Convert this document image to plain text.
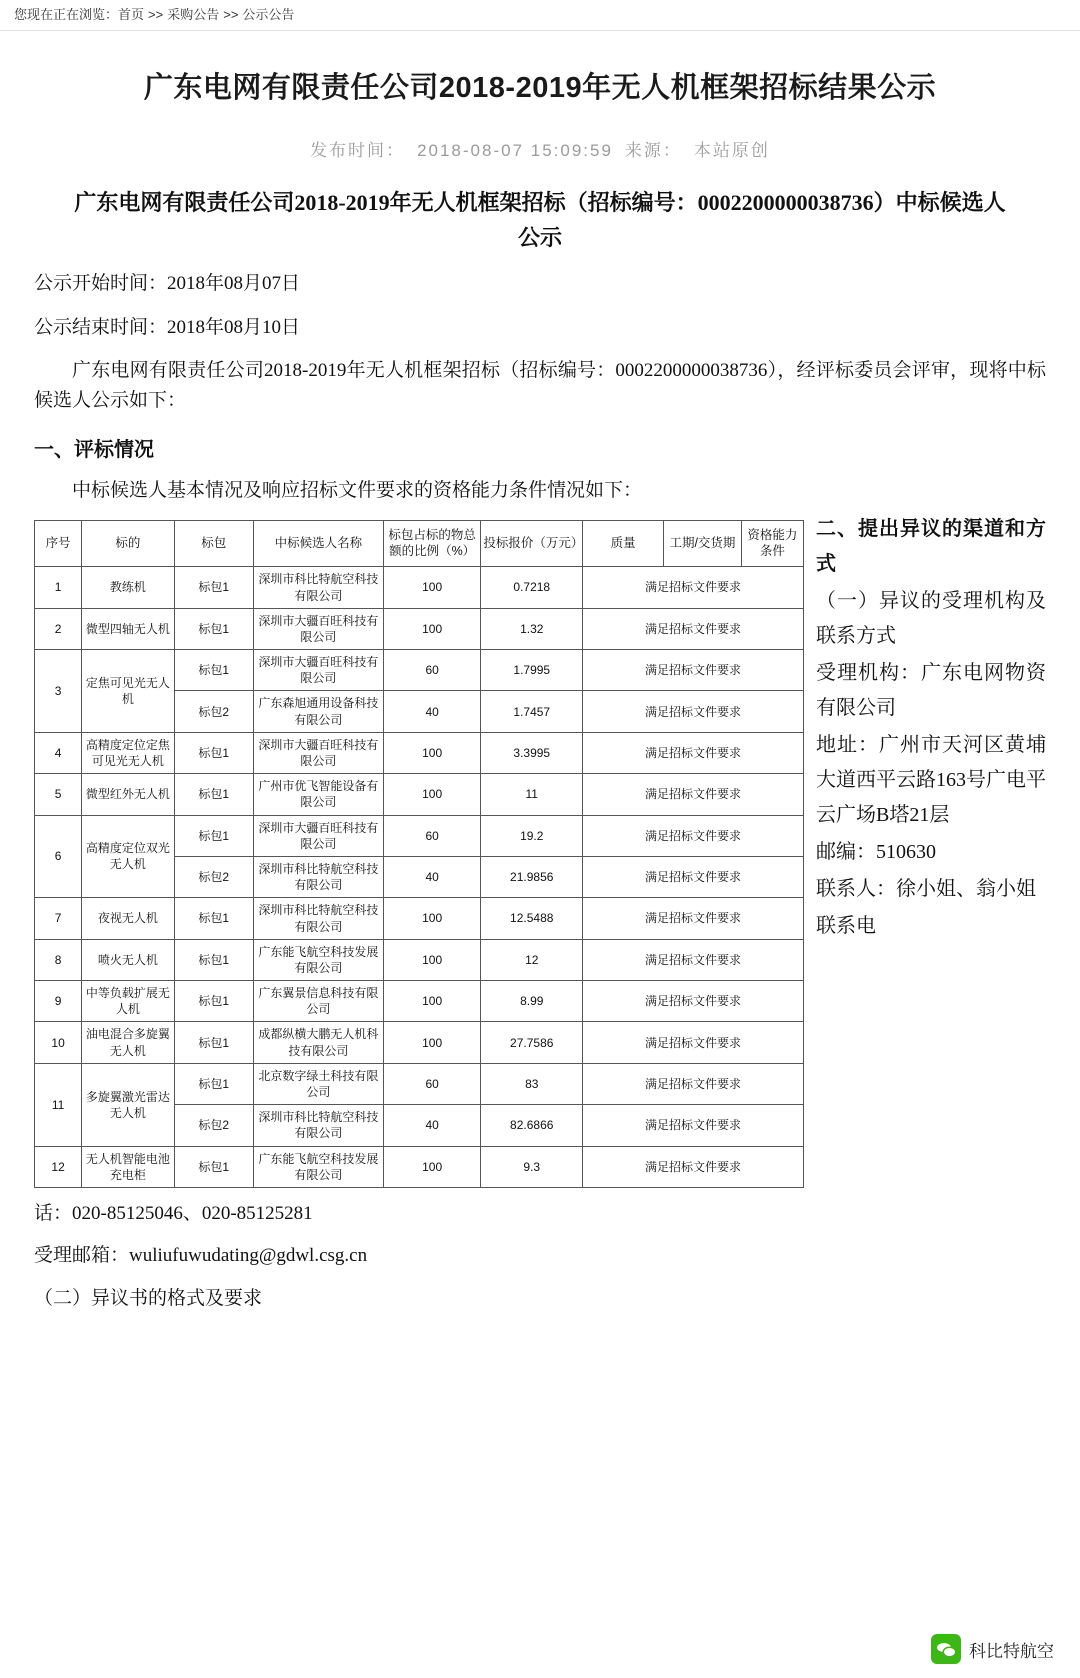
您现在正在浏览：首页 >> 采购公告 >> 公示公告
广东电网有限责任公司2018-2019年无人机框架招标结果公示
发布时间： 2018-08-07 15:09:59 来源： 本站原创
广东电网有限责任公司2018-2019年无人机框架招标（招标编号：0002200000038736）中标候选人公示

公示开始时间：2018年08月07日

公示结束时间：2018年08月10日

广东电网有限责任公司2018-2019年无人机框架招标（招标编号：0002200000038736），经评标委员会评审，现将中标候选人公示如下：

一、评标情况

中标候选人基本情况及响应招标文件要求的资格能力条件情况如下：

序号	标的	标包	中标候选人名称	标包占标的物总额的比例（%）	投标报价（万元）	质量	工期/交货期	资格能力条件
1	教练机	标包1	深圳市科比特航空科技有限公司	100	0.7218	满足招标文件要求		
2	微型四轴无人机	标包1	深圳市大疆百旺科技有限公司	100	1.32	满足招标文件要求		
3	定焦可见光无人机	标包1	深圳市大疆百旺科技有限公司	60	1.7995	满足招标文件要求		
		标包2	广东森旭通用设备科技有限公司	40	1.7457	满足招标文件要求		
4	高精度定位定焦可见光无人机	标包1	深圳市大疆百旺科技有限公司	100	3.3995	满足招标文件要求		
5	微型红外无人机	标包1	广州市优飞智能设备有限公司	100	11	满足招标文件要求		
6	高精度定位双光无人机	标包1	深圳市大疆百旺科技有限公司	60	19.2	满足招标文件要求		
		标包2	深圳市科比特航空科技有限公司	40	21.9856	满足招标文件要求		
7	夜视无人机	标包1	深圳市科比特航空科技有限公司	100	12.5488	满足招标文件要求		
8	喷火无人机	标包1	广东能飞航空科技发展有限公司	100	12	满足招标文件要求		
9	中等负载扩展无人机	标包1	广东翼景信息科技有限公司	100	8.99	满足招标文件要求		
10	油电混合多旋翼无人机	标包1	成都纵横大鹏无人机科技有限公司	100	27.7586	满足招标文件要求		
11	多旋翼激光雷达无人机	标包1	北京数字绿土科技有限公司	60	83	满足招标文件要求		
		标包2	深圳市科比特航空科技有限公司	40	82.6866	满足招标文件要求		
12	无人机智能电池充电柜	标包1	广东能飞航空科技发展有限公司	100	9.3	满足招标文件要求		

二、提出异议的渠道和方式

（一）异议的受理机构及联系方式

受理机构：广东电网物资有限公司

地址：广州市天河区黄埔大道西平云路163号广电平云广场B塔21层

邮编：510630

联系人：徐小姐、翁小姐

联系电

话：020-85125046、020-85125281

受理邮箱：wuliufuwudating@gdwl.csg.cn

（二）异议书的格式及要求

科比特航空
